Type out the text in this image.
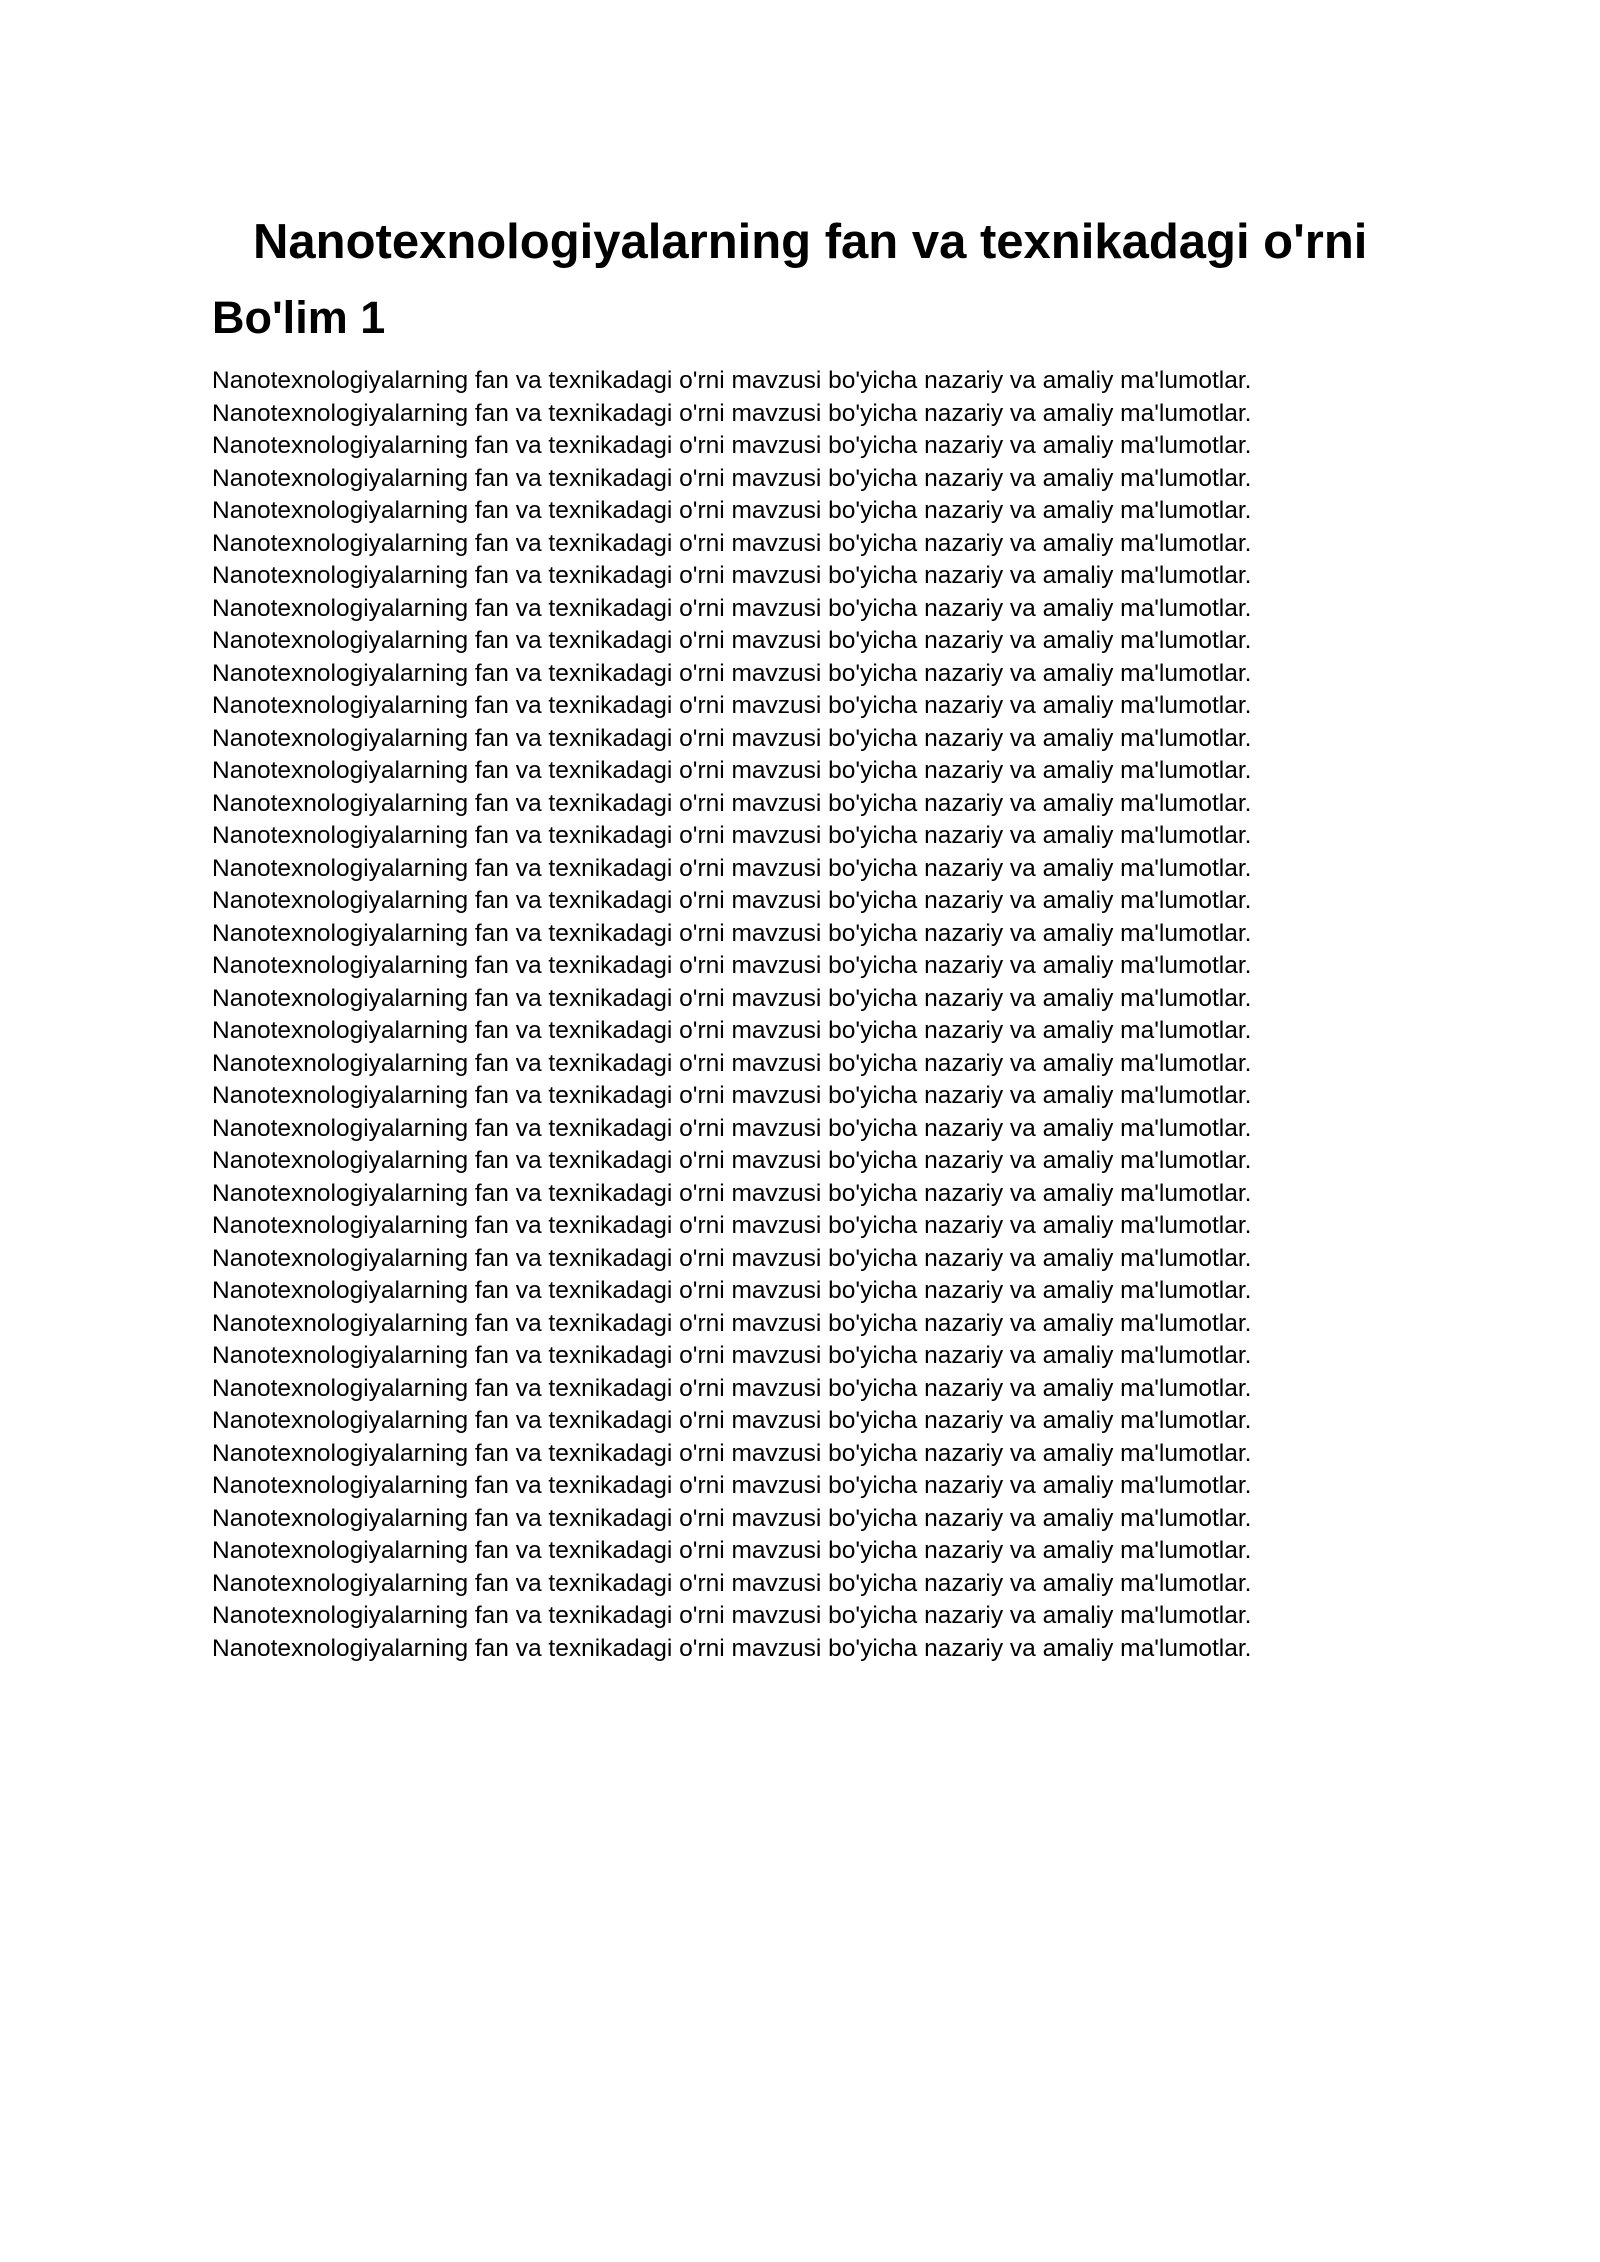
Nanotexnologiyalarning fan va texnikadagi o'rni
Bo'lim 1
Nanotexnologiyalarning fan va texnikadagi o'rni mavzusi bo'yicha nazariy va amaliy ma'lumotlar.
Nanotexnologiyalarning fan va texnikadagi o'rni mavzusi bo'yicha nazariy va amaliy ma'lumotlar.
Nanotexnologiyalarning fan va texnikadagi o'rni mavzusi bo'yicha nazariy va amaliy ma'lumotlar.
Nanotexnologiyalarning fan va texnikadagi o'rni mavzusi bo'yicha nazariy va amaliy ma'lumotlar.
Nanotexnologiyalarning fan va texnikadagi o'rni mavzusi bo'yicha nazariy va amaliy ma'lumotlar.
Nanotexnologiyalarning fan va texnikadagi o'rni mavzusi bo'yicha nazariy va amaliy ma'lumotlar.
Nanotexnologiyalarning fan va texnikadagi o'rni mavzusi bo'yicha nazariy va amaliy ma'lumotlar.
Nanotexnologiyalarning fan va texnikadagi o'rni mavzusi bo'yicha nazariy va amaliy ma'lumotlar.
Nanotexnologiyalarning fan va texnikadagi o'rni mavzusi bo'yicha nazariy va amaliy ma'lumotlar.
Nanotexnologiyalarning fan va texnikadagi o'rni mavzusi bo'yicha nazariy va amaliy ma'lumotlar.
Nanotexnologiyalarning fan va texnikadagi o'rni mavzusi bo'yicha nazariy va amaliy ma'lumotlar.
Nanotexnologiyalarning fan va texnikadagi o'rni mavzusi bo'yicha nazariy va amaliy ma'lumotlar.
Nanotexnologiyalarning fan va texnikadagi o'rni mavzusi bo'yicha nazariy va amaliy ma'lumotlar.
Nanotexnologiyalarning fan va texnikadagi o'rni mavzusi bo'yicha nazariy va amaliy ma'lumotlar.
Nanotexnologiyalarning fan va texnikadagi o'rni mavzusi bo'yicha nazariy va amaliy ma'lumotlar.
Nanotexnologiyalarning fan va texnikadagi o'rni mavzusi bo'yicha nazariy va amaliy ma'lumotlar.
Nanotexnologiyalarning fan va texnikadagi o'rni mavzusi bo'yicha nazariy va amaliy ma'lumotlar.
Nanotexnologiyalarning fan va texnikadagi o'rni mavzusi bo'yicha nazariy va amaliy ma'lumotlar.
Nanotexnologiyalarning fan va texnikadagi o'rni mavzusi bo'yicha nazariy va amaliy ma'lumotlar.
Nanotexnologiyalarning fan va texnikadagi o'rni mavzusi bo'yicha nazariy va amaliy ma'lumotlar.
Nanotexnologiyalarning fan va texnikadagi o'rni mavzusi bo'yicha nazariy va amaliy ma'lumotlar.
Nanotexnologiyalarning fan va texnikadagi o'rni mavzusi bo'yicha nazariy va amaliy ma'lumotlar.
Nanotexnologiyalarning fan va texnikadagi o'rni mavzusi bo'yicha nazariy va amaliy ma'lumotlar.
Nanotexnologiyalarning fan va texnikadagi o'rni mavzusi bo'yicha nazariy va amaliy ma'lumotlar.
Nanotexnologiyalarning fan va texnikadagi o'rni mavzusi bo'yicha nazariy va amaliy ma'lumotlar.
Nanotexnologiyalarning fan va texnikadagi o'rni mavzusi bo'yicha nazariy va amaliy ma'lumotlar.
Nanotexnologiyalarning fan va texnikadagi o'rni mavzusi bo'yicha nazariy va amaliy ma'lumotlar.
Nanotexnologiyalarning fan va texnikadagi o'rni mavzusi bo'yicha nazariy va amaliy ma'lumotlar.
Nanotexnologiyalarning fan va texnikadagi o'rni mavzusi bo'yicha nazariy va amaliy ma'lumotlar.
Nanotexnologiyalarning fan va texnikadagi o'rni mavzusi bo'yicha nazariy va amaliy ma'lumotlar.
Nanotexnologiyalarning fan va texnikadagi o'rni mavzusi bo'yicha nazariy va amaliy ma'lumotlar.
Nanotexnologiyalarning fan va texnikadagi o'rni mavzusi bo'yicha nazariy va amaliy ma'lumotlar.
Nanotexnologiyalarning fan va texnikadagi o'rni mavzusi bo'yicha nazariy va amaliy ma'lumotlar.
Nanotexnologiyalarning fan va texnikadagi o'rni mavzusi bo'yicha nazariy va amaliy ma'lumotlar.
Nanotexnologiyalarning fan va texnikadagi o'rni mavzusi bo'yicha nazariy va amaliy ma'lumotlar.
Nanotexnologiyalarning fan va texnikadagi o'rni mavzusi bo'yicha nazariy va amaliy ma'lumotlar.
Nanotexnologiyalarning fan va texnikadagi o'rni mavzusi bo'yicha nazariy va amaliy ma'lumotlar.
Nanotexnologiyalarning fan va texnikadagi o'rni mavzusi bo'yicha nazariy va amaliy ma'lumotlar.
Nanotexnologiyalarning fan va texnikadagi o'rni mavzusi bo'yicha nazariy va amaliy ma'lumotlar.
Nanotexnologiyalarning fan va texnikadagi o'rni mavzusi bo'yicha nazariy va amaliy ma'lumotlar.
